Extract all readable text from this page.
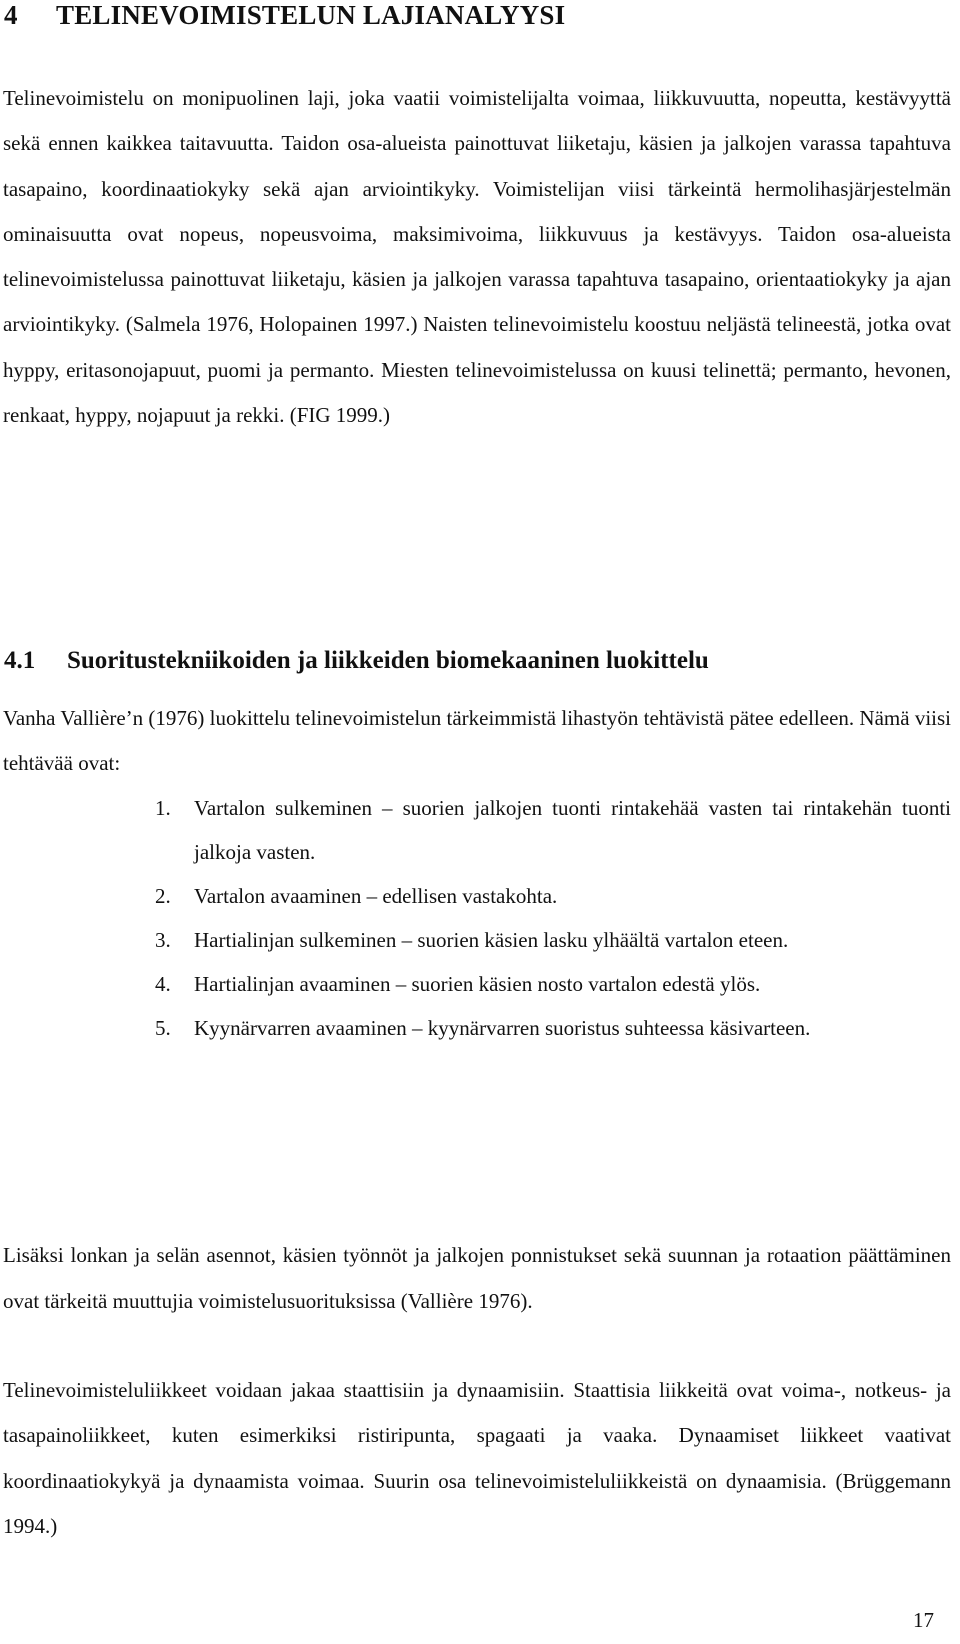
4 TELINEVOIMISTELUN LAJIANALYYSI

Telinevoimistelu on monipuolinen laji, joka vaatii voimistelijalta voimaa, liikkuvuutta, nopeutta, kestävyyttä sekä ennen kaikkea taitavuutta. Taidon osa-alueista painottuvat liiketaju, käsien ja jalkojen varassa tapahtuva tasapaino, koordinaatiokyky sekä ajan arviointikyky. Voimistelijan viisi tärkeintä hermolihasjärjestelmän ominaisuutta ovat nopeus, nopeusvoima, maksimivoima, liikkuvuus ja kestävyys. Taidon osa-alueista telinevoimistelussa painottuvat liiketaju, käsien ja jalkojen varassa tapahtuva tasapaino, orientaatiokyky ja ajan arviointikyky. (Salmela 1976, Holopainen 1997.) Naisten telinevoimistelu koostuu neljästä telineestä, jotka ovat hyppy, eritasonojapuut, puomi ja permanto. Miesten telinevoimistelussa on kuusi telinettä; permanto, hevonen, renkaat, hyppy, nojapuut ja rekki. (FIG 1999.)

4.1 Suoritustekniikoiden ja liikkeiden biomekaaninen luokittelu

Vanha Vallière’n (1976) luokittelu telinevoimistelun tärkeimmistä lihastyön tehtävistä pätee edelleen. Nämä viisi tehtävää ovat:

1.	Vartalon sulkeminen – suorien jalkojen tuonti rintakehää vasten tai rintakehän tuonti jalkoja vasten.
2.	Vartalon avaaminen – edellisen vastakohta.
3.	Hartialinjan sulkeminen – suorien käsien lasku ylhäältä vartalon eteen.
4.	Hartialinjan avaaminen – suorien käsien nosto vartalon edestä ylös.
5.	Kyynärvarren avaaminen – kyynärvarren suoristus suhteessa käsivarteen.

Lisäksi lonkan ja selän asennot, käsien työnnöt ja jalkojen ponnistukset sekä suunnan ja rotaation päättäminen ovat tärkeitä muuttujia voimistelusuorituksissa (Vallière 1976).

Telinevoimisteluliikkeet voidaan jakaa staattisiin ja dynaamisiin. Staattisia liikkeitä ovat voima-, notkeus- ja tasapainoliikkeet, kuten esimerkiksi ristiripunta, spagaati ja vaaka. Dynaamiset liikkeet vaativat koordinaatiokykyä ja dynaamista voimaa. Suurin osa telinevoimisteluliikkeistä on dynaamisia. (Brüggemann 1994.)

17
